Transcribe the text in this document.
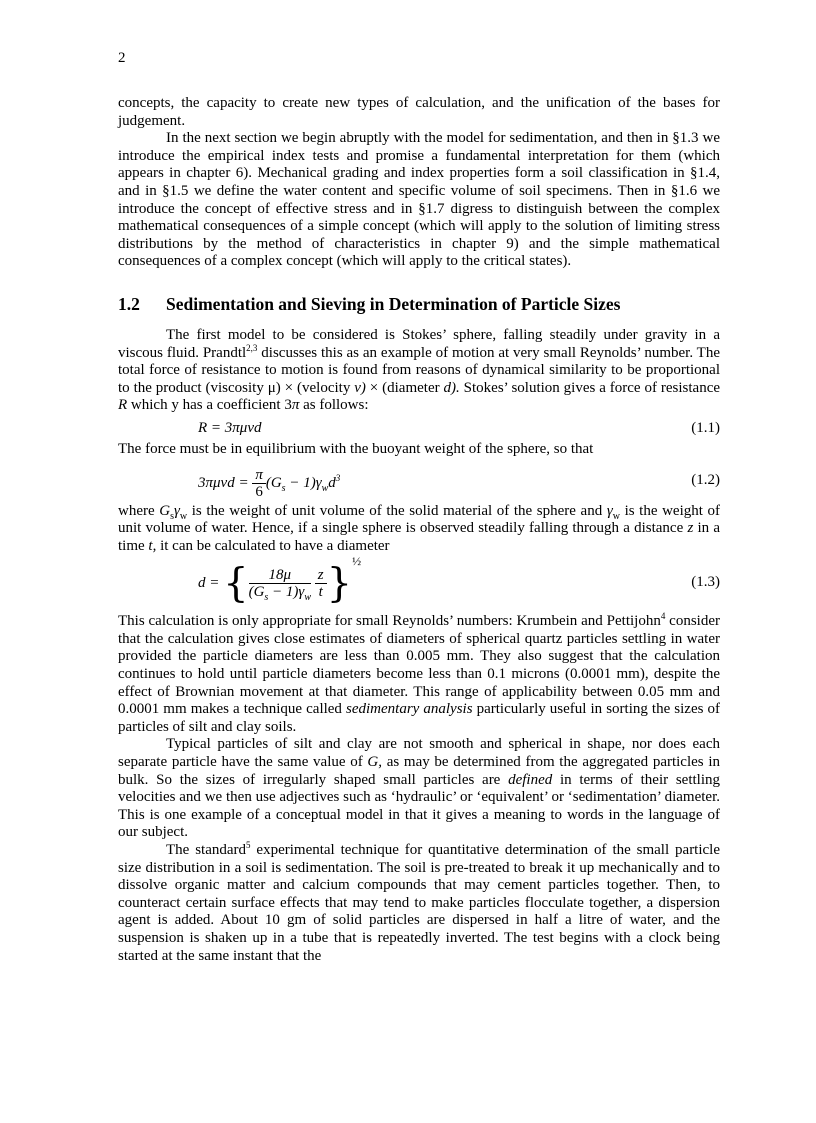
2

concepts, the capacity to create new types of calculation, and the unification of the bases for judgement.

In the next section we begin abruptly with the model for sedimentation, and then in §1.3 we introduce the empirical index tests and promise a fundamental interpretation for them (which appears in chapter 6). Mechanical grading and index properties form a soil classification in §1.4, and in §1.5 we define the water content and specific volume of soil specimens. Then in §1.6 we introduce the concept of effective stress and in §1.7 digress to distinguish between the complex mathematical consequences of a simple concept (which will apply to the solution of limiting stress distributions by the method of characteristics in chapter 9) and the simple mathematical consequences of a complex concept (which will apply to the critical states).

1.2 Sedimentation and Sieving in Determination of Particle Sizes

The first model to be considered is Stokes’ sphere, falling steadily under gravity in a viscous fluid. Prandtl$^{2,3}$ discusses this as an example of motion at very small Reynolds’ number. The total force of resistance to motion is found from reasons of dynamical similarity to be proportional to the product (viscosity μ) × (velocity v) × (diameter d). Stokes’ solution gives a force of resistance R which y has a coefficient 3π as follows:

R = 3πμvd	(1.1)

The force must be in equilibrium with the buoyant weight of the sphere, so that

$3\pi\mu vd = \frac{\pi}{6} (G_s - 1)\gamma_wd^3$	(1.2)

where $G_s\gamma_w$ is the weight of unit volume of the solid material of the sphere and $\gamma_w$ is the weight of unit volume of water. Hence, if a single sphere is observed steadily falling through a distance z in a time t, it can be calculated to have a diameter

d = { $\frac{18\mu}{(G_s - 1)\gamma_w}$
$\frac{z}{t} \}^{\frac{1}{2}}$
(1.3)

This calculation is only appropriate for small Reynolds’ numbers: Krumbein and Pettijohn$^4$ consider that the calculation gives close estimates of diameters of spherical quartz particles settling in water provided the particle diameters are less than 0.005 mm. They also suggest that the calculation continues to hold until particle diameters become less than 0.1 microns (0.0001 mm), despite the effect of Brownian movement at that diameter. This range of applicability between 0.05 mm and 0.0001 mm makes a technique called sedimentary analysis particularly useful in sorting the sizes of particles of silt and clay soils.

Typical particles of silt and clay are not smooth and spherical in shape, nor does each separate particle have the same value of G, as may be determined from the aggregated particles in bulk. So the sizes of irregularly shaped small particles are defined in terms of their settling velocities and we then use adjectives such as ‘hydraulic’ or ‘equivalent’ or ‘sedimentation’ diameter. This is one example of a conceptual model in that it gives a meaning to words in the language of our subject.

The standard$^5$ experimental technique for quantitative determination of the small particle size distribution in a soil is sedimentation. The soil is pre-treated to break it up mechanically and to dissolve organic matter and calcium compounds that may cement particles together. Then, to counteract certain surface effects that may tend to make particles flocculate together, a dispersion agent is added. About 10 gm of solid particles are dispersed in half a litre of water, and the suspension is shaken up in a tube that is repeatedly inverted. The test begins with a clock being started at the same instant that the
